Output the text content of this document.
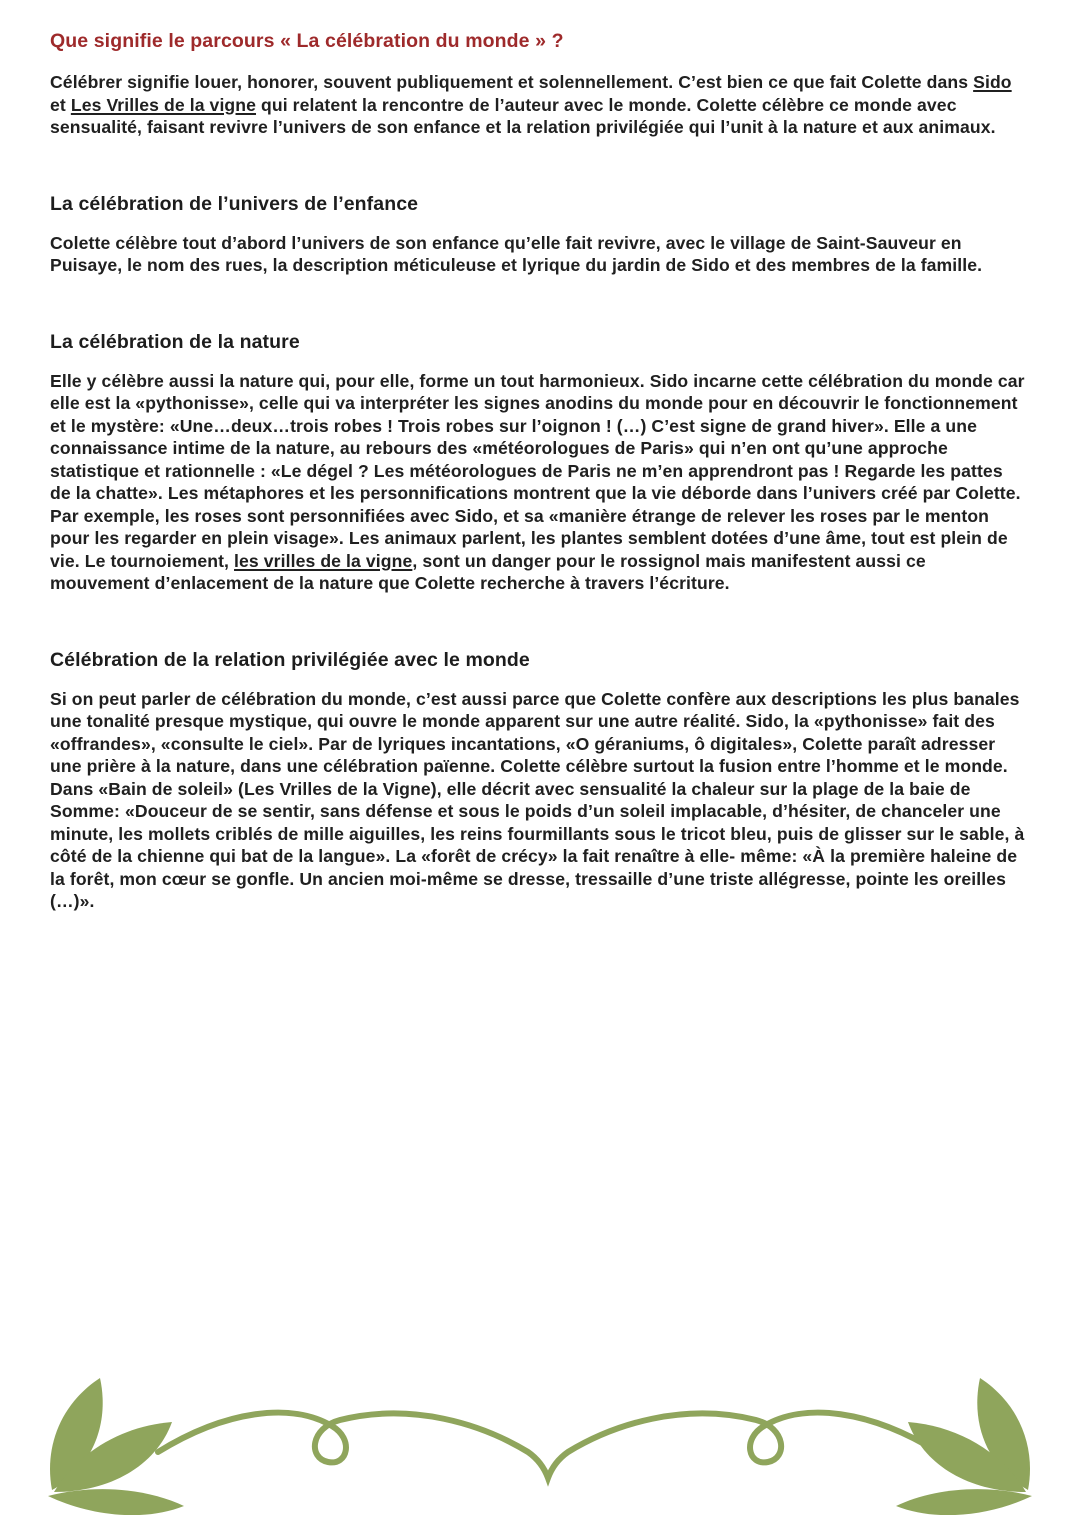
Que signifie le parcours « La célébration du monde » ?

Célébrer signifie louer, honorer, souvent publiquement et solennellement. C’est bien ce que fait Colette dans Sido et Les Vrilles de la vigne qui relatent la rencontre de l’auteur avec le monde. Colette célèbre ce monde avec sensualité, faisant revivre l’univers de son enfance et la relation privilégiée qui l’unit à la nature et aux animaux.

La célébration de l’univers de l’enfance

Colette célèbre tout d’abord l’univers de son enfance qu’elle fait revivre, avec le village de Saint-Sauveur en Puisaye, le nom des rues, la description méticuleuse et lyrique du jardin de Sido et des membres de la famille.

La célébration de la nature

Elle y célèbre aussi la nature qui, pour elle, forme un tout harmonieux. Sido incarne cette célébration du monde car elle est la «pythonisse», celle qui va interpréter les signes anodins du monde pour en découvrir le fonctionnement et le mystère: «Une…deux…trois robes ! Trois robes sur l’oignon ! (…) C’est signe de grand hiver». Elle a une connaissance intime de la nature, au rebours des «météorologues de Paris» qui n’en ont qu’une approche statistique et rationnelle : «Le dégel ? Les météorologues de Paris ne m’en apprendront pas ! Regarde les pattes de la chatte». Les métaphores et les personnifications montrent que la vie déborde dans l’univers créé par Colette. Par exemple, les roses sont personnifiées avec Sido, et sa «manière étrange de relever les roses par le menton pour les regarder en plein visage». Les animaux parlent, les plantes semblent dotées d’une âme, tout est plein de vie. Le tournoiement, les vrilles de la vigne, sont un danger pour le rossignol mais manifestent aussi ce mouvement d’enlacement de la nature que Colette recherche à travers l’écriture.

Célébration de la relation privilégiée avec le monde

Si on peut parler de célébration du monde, c’est aussi parce que Colette confère aux descriptions les plus banales une tonalité presque mystique, qui ouvre le monde apparent sur une autre réalité. Sido, la «pythonisse» fait des «offrandes», «consulte le ciel». Par de lyriques incantations, «O géraniums, ô digitales», Colette paraît adresser une prière à la nature, dans une célébration païenne. Colette célèbre surtout la fusion entre l’homme et le monde. Dans «Bain de soleil» (Les Vrilles de la Vigne), elle décrit avec sensualité la chaleur sur la plage de la baie de Somme: «Douceur de se sentir, sans défense et sous le poids d’un soleil implacable, d’hésiter, de chanceler une minute, les mollets criblés de mille aiguilles, les reins fourmillants sous le tricot bleu, puis de glisser sur le sable, à côté de la chienne qui bat de la langue». La «forêt de crécy» la fait renaître à elle- même: «À la première haleine de la forêt, mon cœur se gonfle. Un ancien moi-même se dresse, tressaille d’une triste allégresse, pointe les oreilles (…)».
